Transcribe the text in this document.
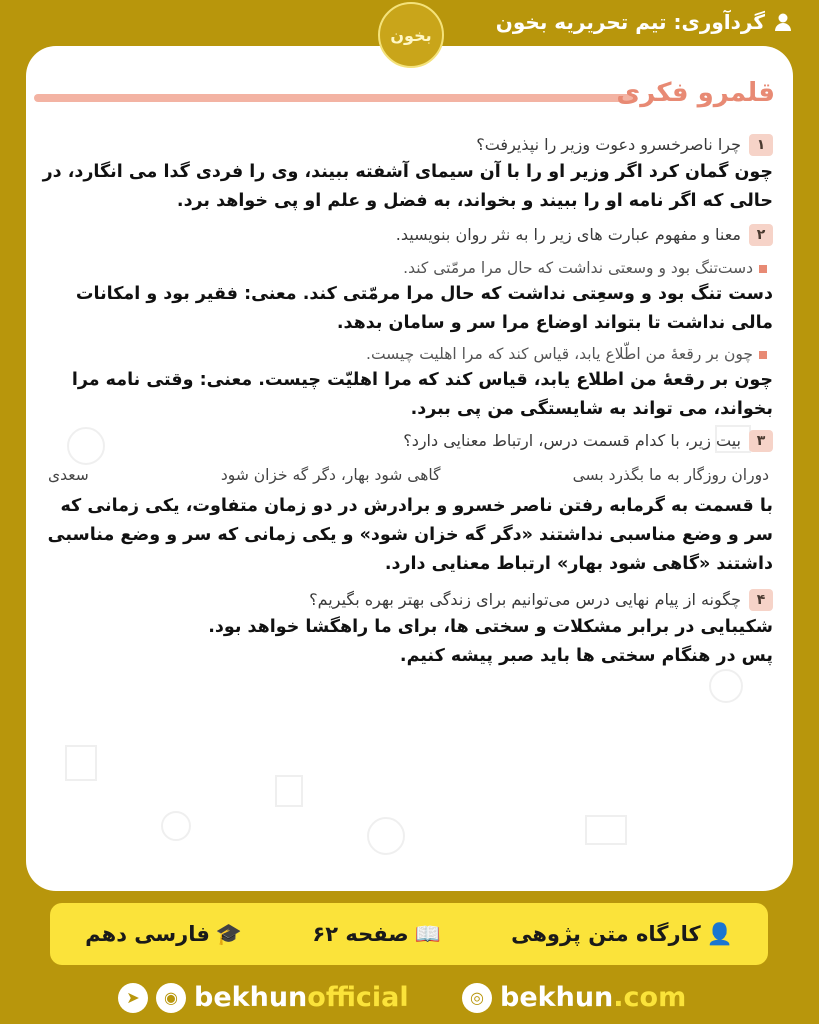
گردآوری: تیم تحریریه بخون
بخون
قلمرو فکری
۱
چرا ناصرخسرو دعوت وزیر را نپذیرفت؟
چون گمان کرد اگر وزیر او را با آن سیمای آشفته ببیند، وی را فردی گدا می انگارد، در حالی که اگر نامه او را ببیند و بخواند، به فضل و علم او پی خواهد برد.
۲
معنا و مفهوم عبارت های زیر را به نثر روان بنویسید.
دست‌تنگ بود و وسعتی نداشت که حال مرا مرمّتی کند.
دست تنگ بود و وسعِتی نداشت که حال مرا مرمّتی کند. معنی: فقیر بود و امکانات مالی نداشت تا بتواند اوضاع مرا سر و سامان بدهد.
چون بر رقعهٔ من اطّلاع یابد، قیاس کند که مرا اهلیت چیست.
چون بر رقعهٔ من اطلاع یابد، قیاس کند که مرا اهلیّت چیست. معنی: وقتی نامه مرا بخواند، می تواند به شایستگی من پی ببرد.
۳
بیت زیر، با کدام قسمت درس، ارتباط معنایی دارد؟
دوران روزگار به ما بگذرد بسی
گاهی شود بهار، دگر گه خزان شود
سعدی
با قسمت به گرمابه رفتن ناصر خسرو و برادرش در دو زمان متفاوت، یکی زمانی که سر و وضع مناسبی نداشتند «دگر گه خزان شود» و یکی زمانی که سر و وضع مناسبی داشتند «گاهی شود بهار» ارتباط معنایی دارد.
۴
چگونه از پیام نهایی درس می‌توانیم برای زندگی بهتر بهره بگیریم؟
شکیبایی در برابر مشکلات و سختی ها، برای ما راهگشا خواهد بود. پس در هنگام سختی ها باید صبر پیشه کنیم.
👤
کارگاه متن پژوهی
📖
صفحه ۶۲
🎓
فارسی دهم
➤	◉ bekhunofficial	◎ bekhun.com
